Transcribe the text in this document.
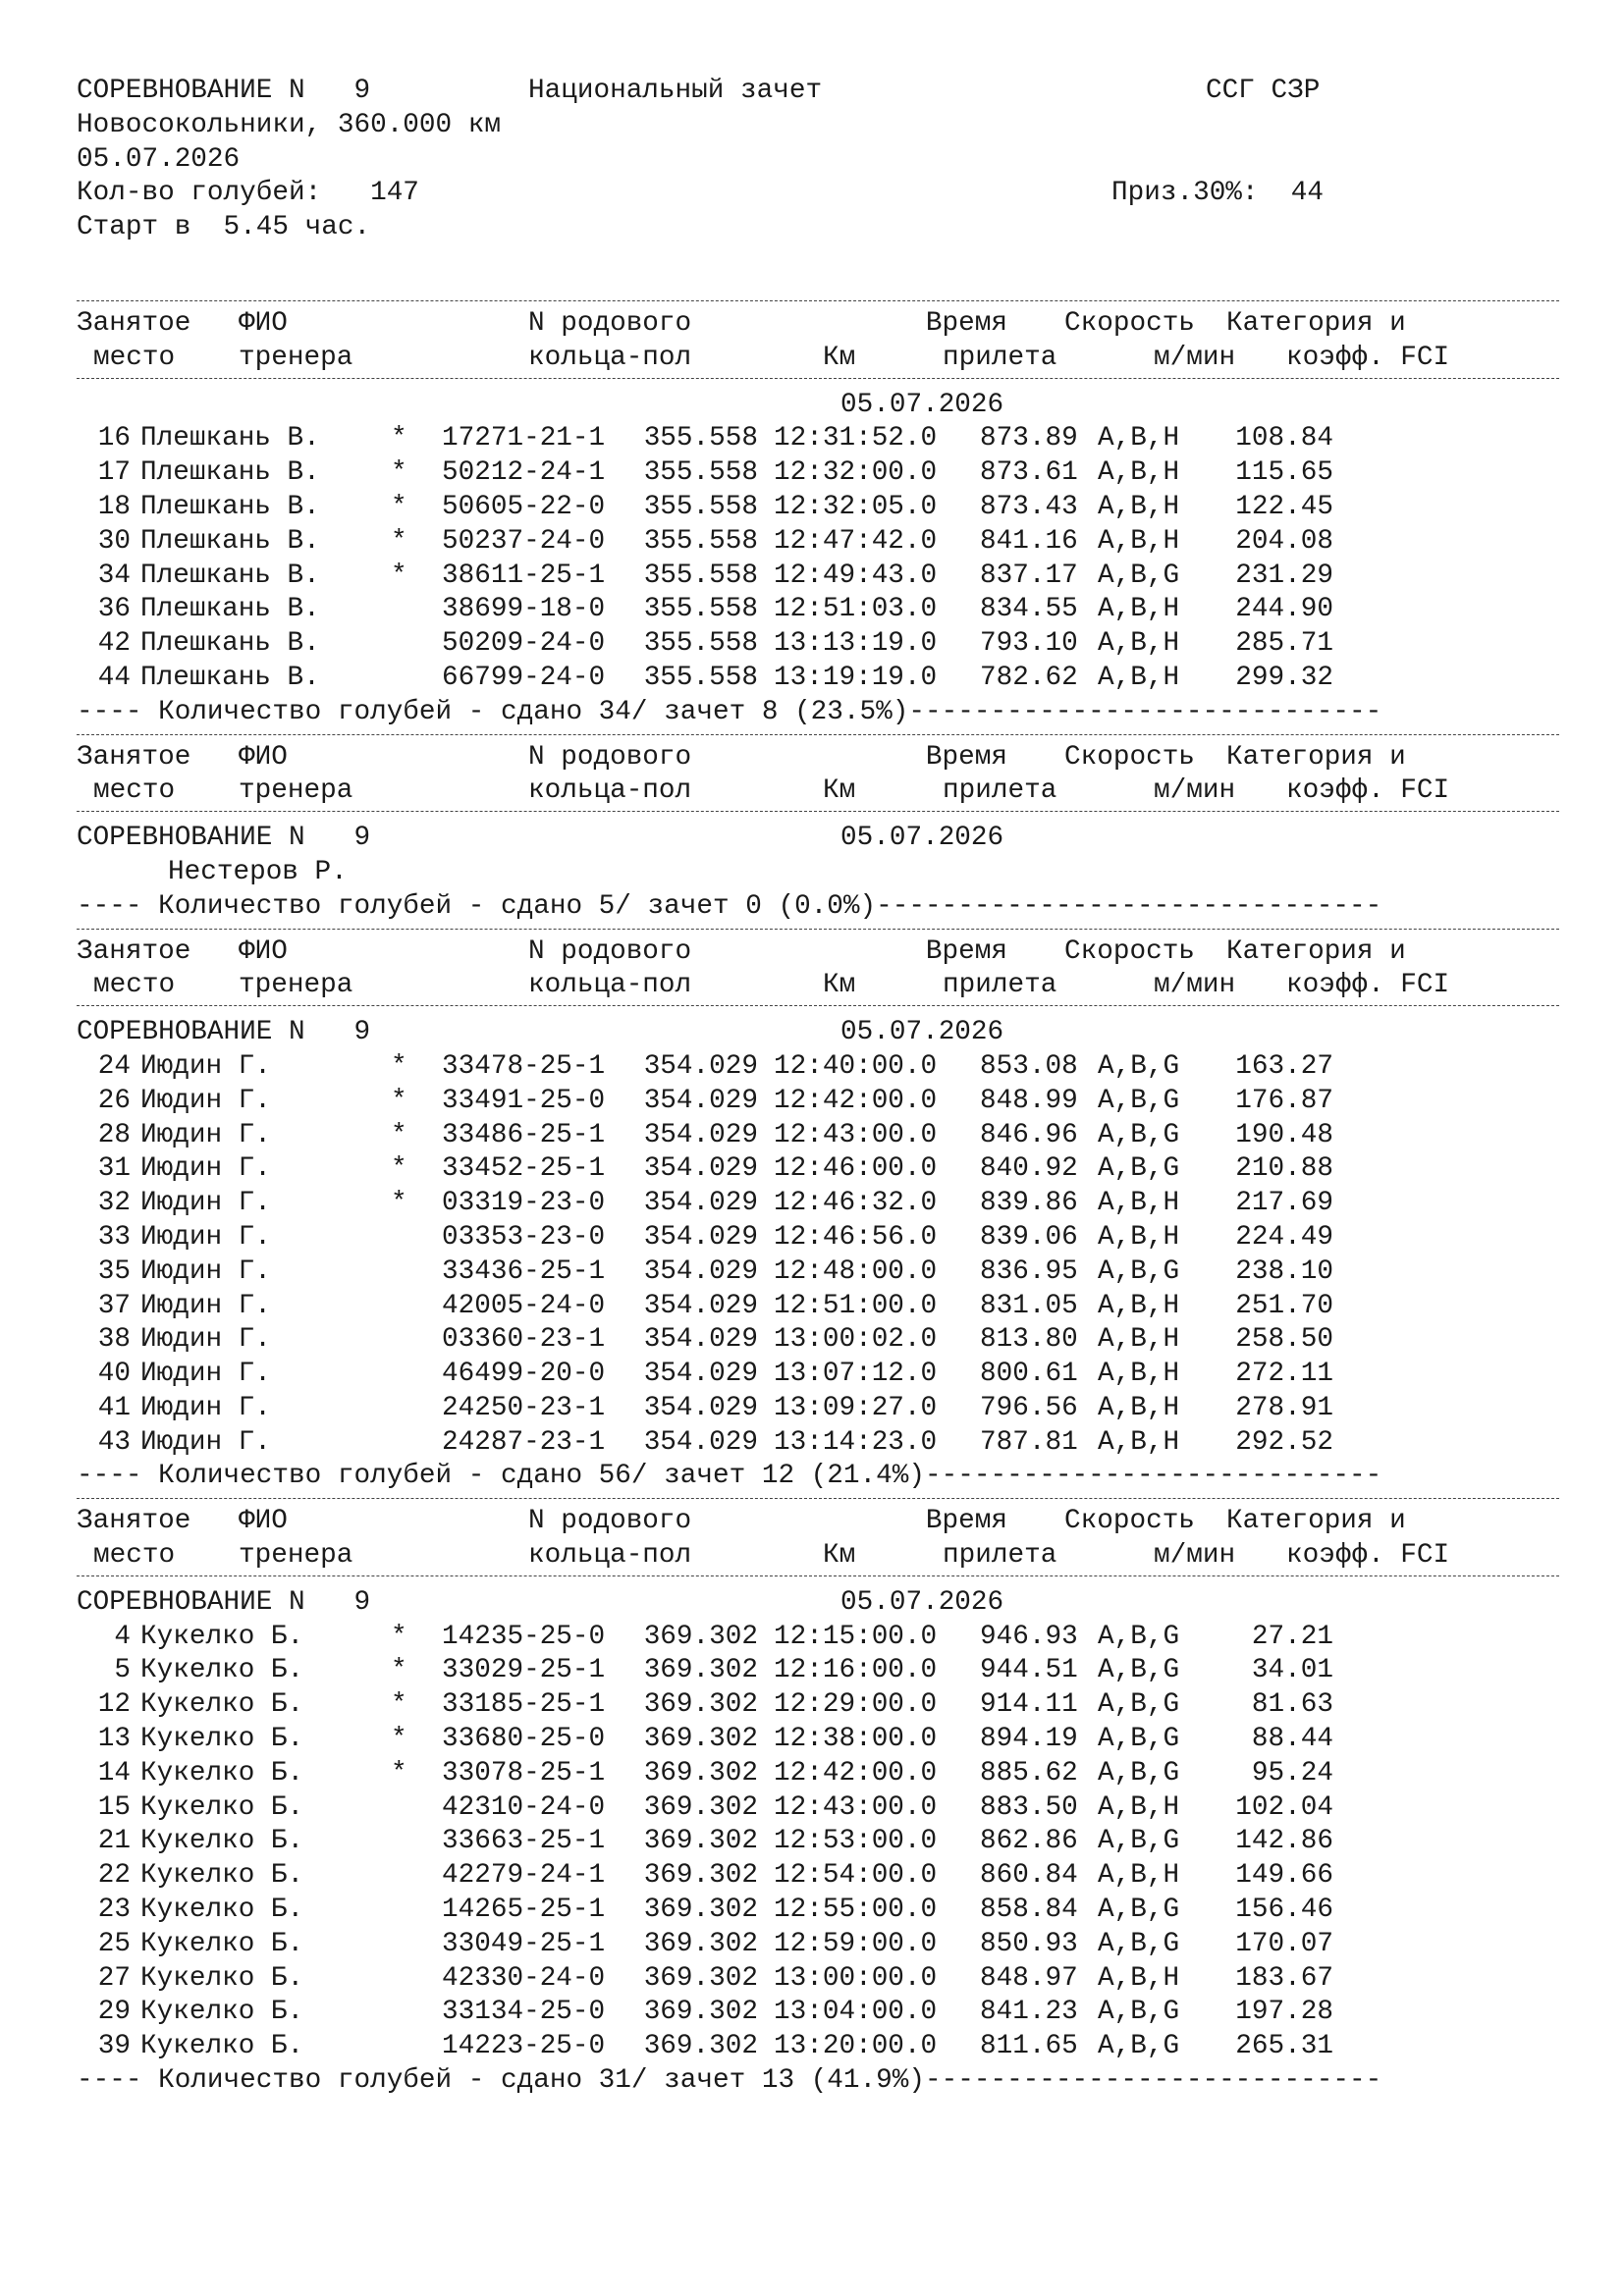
СОРЕВНОВАНИЕ N   9	Национальный зачет	ССГ СЗР
Новосокольники, 360.000 км
05.07.2026
Кол-во голубей:   147	Приз.30%:  44
Старт в  5.45 час.
Занятое ФИО	N родового	Время Скорость Категория и
место тренера	кольца-пол	Км	прилета	м/мин коэфф. FCI
05.07.2026
16 Плешкань В.	* 17271-21-1 355.558 12:31:52.0 873.89 A,B,H 108.84
17 Плешкань В.	* 50212-24-1 355.558 12:32:00.0 873.61 A,B,H 115.65
18 Плешкань В.	* 50605-22-0 355.558 12:32:05.0 873.43 A,B,H 122.45
30 Плешкань В.	* 50237-24-0 355.558 12:47:42.0 841.16 A,B,H 204.08
34 Плешкань В.	* 38611-25-1 355.558 12:49:43.0 837.17 A,B,G 231.29
36 Плешкань В.	38699-18-0 355.558 12:51:03.0 834.55 A,B,H 244.90
42 Плешкань В.	50209-24-0 355.558 13:13:19.0 793.10 A,B,H 285.71
44 Плешкань В.	66799-24-0 355.558 13:19:19.0 782.62 A,B,H 299.32
---- Количество голубей - сдано 34/ зачет 8 (23.5%)-----------------------------
Занятое ФИО	N родового	Время Скорость Категория и
место тренера	кольца-пол	Км	прилета	м/мин коэфф. FCI
СОРЕВНОВАНИЕ N   9	05.07.2026
Нестеров Р.
---- Количество голубей - сдано 5/ зачет 0 (0.0%)-------------------------------
Занятое ФИО	N родового	Время Скорость Категория и
место тренера	кольца-пол	Км	прилета	м/мин коэфф. FCI
СОРЕВНОВАНИЕ N   9	05.07.2026
24 Июдин Г.	* 33478-25-1 354.029 12:40:00.0 853.08 A,B,G 163.27
26 Июдин Г.	* 33491-25-0 354.029 12:42:00.0 848.99 A,B,G 176.87
28 Июдин Г.	* 33486-25-1 354.029 12:43:00.0 846.96 A,B,G 190.48
31 Июдин Г.	* 33452-25-1 354.029 12:46:00.0 840.92 A,B,G 210.88
32 Июдин Г.	* 03319-23-0 354.029 12:46:32.0 839.86 A,B,H 217.69
33 Июдин Г.	03353-23-0 354.029 12:46:56.0 839.06 A,B,H 224.49
35 Июдин Г.	33436-25-1 354.029 12:48:00.0 836.95 A,B,G 238.10
37 Июдин Г.	42005-24-0 354.029 12:51:00.0 831.05 A,B,H 251.70
38 Июдин Г.	03360-23-1 354.029 13:00:02.0 813.80 A,B,H 258.50
40 Июдин Г.	46499-20-0 354.029 13:07:12.0 800.61 A,B,H 272.11
41 Июдин Г.	24250-23-1 354.029 13:09:27.0 796.56 A,B,H 278.91
43 Июдин Г.	24287-23-1 354.029 13:14:23.0 787.81 A,B,H 292.52
---- Количество голубей - сдано 56/ зачет 12 (21.4%)----------------------------
Занятое ФИО	N родового	Время Скорость Категория и
место тренера	кольца-пол	Км	прилета	м/мин коэфф. FCI
СОРЕВНОВАНИЕ N   9	05.07.2026
4 Кукелко Б.	* 14235-25-0 369.302 12:15:00.0 946.93 A,B,G	27.21
5 Кукелко Б.	* 33029-25-1 369.302 12:16:00.0 944.51 A,B,G	34.01
12 Кукелко Б.	* 33185-25-1 369.302 12:29:00.0 914.11 A,B,G	81.63
13 Кукелко Б.	* 33680-25-0 369.302 12:38:00.0 894.19 A,B,G	88.44
14 Кукелко Б.	* 33078-25-1 369.302 12:42:00.0 885.62 A,B,G	95.24
15 Кукелко Б.	42310-24-0 369.302 12:43:00.0 883.50 A,B,H 102.04
21 Кукелко Б.	33663-25-1 369.302 12:53:00.0 862.86 A,B,G 142.86
22 Кукелко Б.	42279-24-1 369.302 12:54:00.0 860.84 A,B,H 149.66
23 Кукелко Б.	14265-25-1 369.302 12:55:00.0 858.84 A,B,G 156.46
25 Кукелко Б.	33049-25-1 369.302 12:59:00.0 850.93 A,B,G 170.07
27 Кукелко Б.	42330-24-0 369.302 13:00:00.0 848.97 A,B,H 183.67
29 Кукелко Б.	33134-25-0 369.302 13:04:00.0 841.23 A,B,G 197.28
39 Кукелко Б.	14223-25-0 369.302 13:20:00.0 811.65 A,B,G 265.31
---- Количество голубей - сдано 31/ зачет 13 (41.9%)----------------------------
